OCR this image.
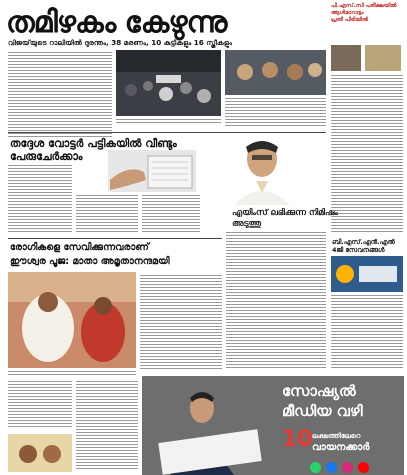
തമിഴകം കേഴുന്നു
വിജയ്‌യുടെ റാലിയിൽ ദുരന്തം, 38 മരണം, 10 കുട്ടികളും 16 സ്ത്രീകളും
പി.എസ്.സി പരീക്ഷയിൽ
ആൾമാറാട്ടം
പ്രതി പിടിയിൽ
തദ്ദേശ വോട്ടർ പട്ടികയിൽ വീണ്ടും
പേരുചേർക്കാം
എയിംസ് ലഭിക്കുന്ന നിമിഷം
അടുത്തു
ബി.എസ്.എൻ.എൽ
4ജി സേവനങ്ങൾ
രോഗികളെ സേവിക്കുന്നവരാണ്
ഈശ്വര പൂജ: മാതാ അമൃതാനന്ദമയി
സോഷ്യൽ
മീഡിയ വഴി
10 ലക്ഷത്തിലേറെ
വായനക്കാർ
